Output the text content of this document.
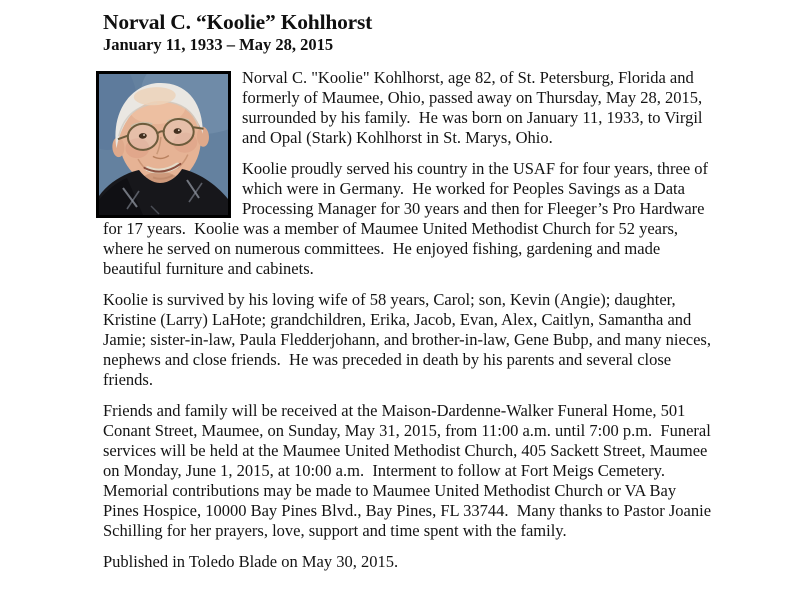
Norval C. “Koolie” Kohlhorst
January 11, 1933 – May 28, 2015

Norval C. "Koolie" Kohlhorst, age 82, of St. Petersburg, Florida and formerly of Maumee, Ohio, passed away on Thursday, May 28, 2015, surrounded by his family.  He was born on January 11, 1933, to Virgil and Opal (Stark) Kohlhorst in St. Marys, Ohio.

Koolie proudly served his country in the USAF for four years, three of which were in Germany.  He worked for Peoples Savings as a Data Processing Manager for 30 years and then for Fleeger’s Pro Hardware for 17 years.  Koolie was a member of Maumee United Methodist Church for 52 years, where he served on numerous committees.  He enjoyed fishing, gardening and made beautiful furniture and cabinets.

Koolie is survived by his loving wife of 58 years, Carol; son, Kevin (Angie); daughter, Kristine (Larry) LaHote; grandchildren, Erika, Jacob, Evan, Alex, Caitlyn, Samantha and Jamie; sister-in-law, Paula Fledderjohann, and brother-in-law, Gene Bubp, and many nieces, nephews and close friends.  He was preceded in death by his parents and several close friends.

Friends and family will be received at the Maison-Dardenne-Walker Funeral Home, 501 Conant Street, Maumee, on Sunday, May 31, 2015, from 11:00 a.m. until 7:00 p.m.  Funeral services will be held at the Maumee United Methodist Church, 405 Sackett Street, Maumee on Monday, June 1, 2015, at 10:00 a.m.  Interment to follow at Fort Meigs Cemetery.  Memorial contributions may be made to Maumee United Methodist Church or VA Bay Pines Hospice, 10000 Bay Pines Blvd., Bay Pines, FL 33744.  Many thanks to Pastor Joanie Schilling for her prayers, love, support and time spent with the family.

Published in Toledo Blade on May 30, 2015.
